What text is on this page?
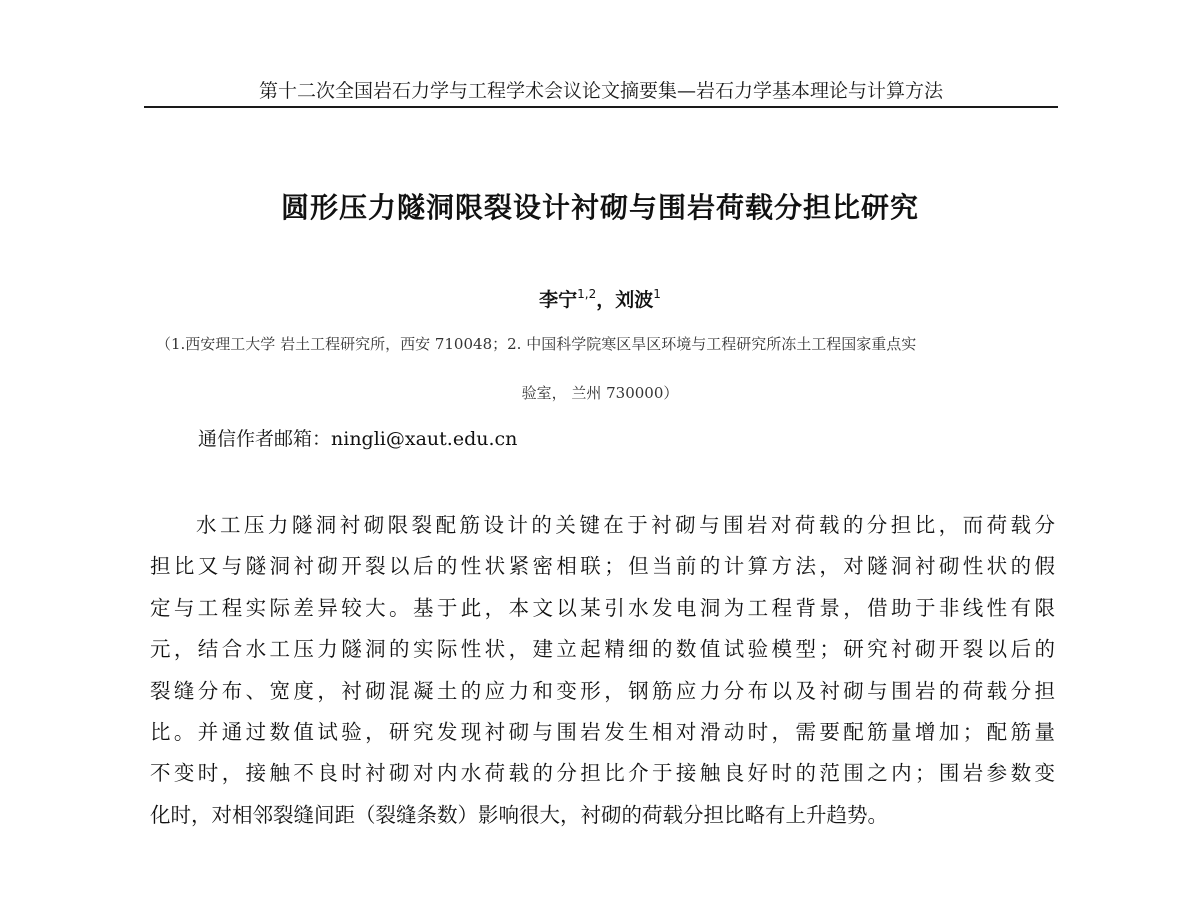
第十二次全国岩石力学与工程学术会议论文摘要集—岩石力学基本理论与计算方法
圆形压力隧洞限裂设计衬砌与围岩荷载分担比研究
李宁$^{1,2}$，刘波$^1$
（1.西安理工大学 岩土工程研究所，西安 710048；2. 中国科学院寒区旱区环境与工程研究所冻土工程国家重点实
验室， 兰州 730000）
通信作者邮箱：ningli@xaut.edu.cn
水工压力隧洞衬砌限裂配筋设计的关键在于衬砌与围岩对荷载的分担比，而荷载分
担比又与隧洞衬砌开裂以后的性状紧密相联；但当前的计算方法，对隧洞衬砌性状的假
定与工程实际差异较大。基于此，本文以某引水发电洞为工程背景，借助于非线性有限
元，结合水工压力隧洞的实际性状，建立起精细的数值试验模型；研究衬砌开裂以后的
裂缝分布、宽度，衬砌混凝土的应力和变形，钢筋应力分布以及衬砌与围岩的荷载分担
比。并通过数值试验，研究发现衬砌与围岩发生相对滑动时，需要配筋量增加；配筋量
不变时，接触不良时衬砌对内水荷载的分担比介于接触良好时的范围之内；围岩参数变
化时，对相邻裂缝间距（裂缝条数）影响很大，衬砌的荷载分担比略有上升趋势。
